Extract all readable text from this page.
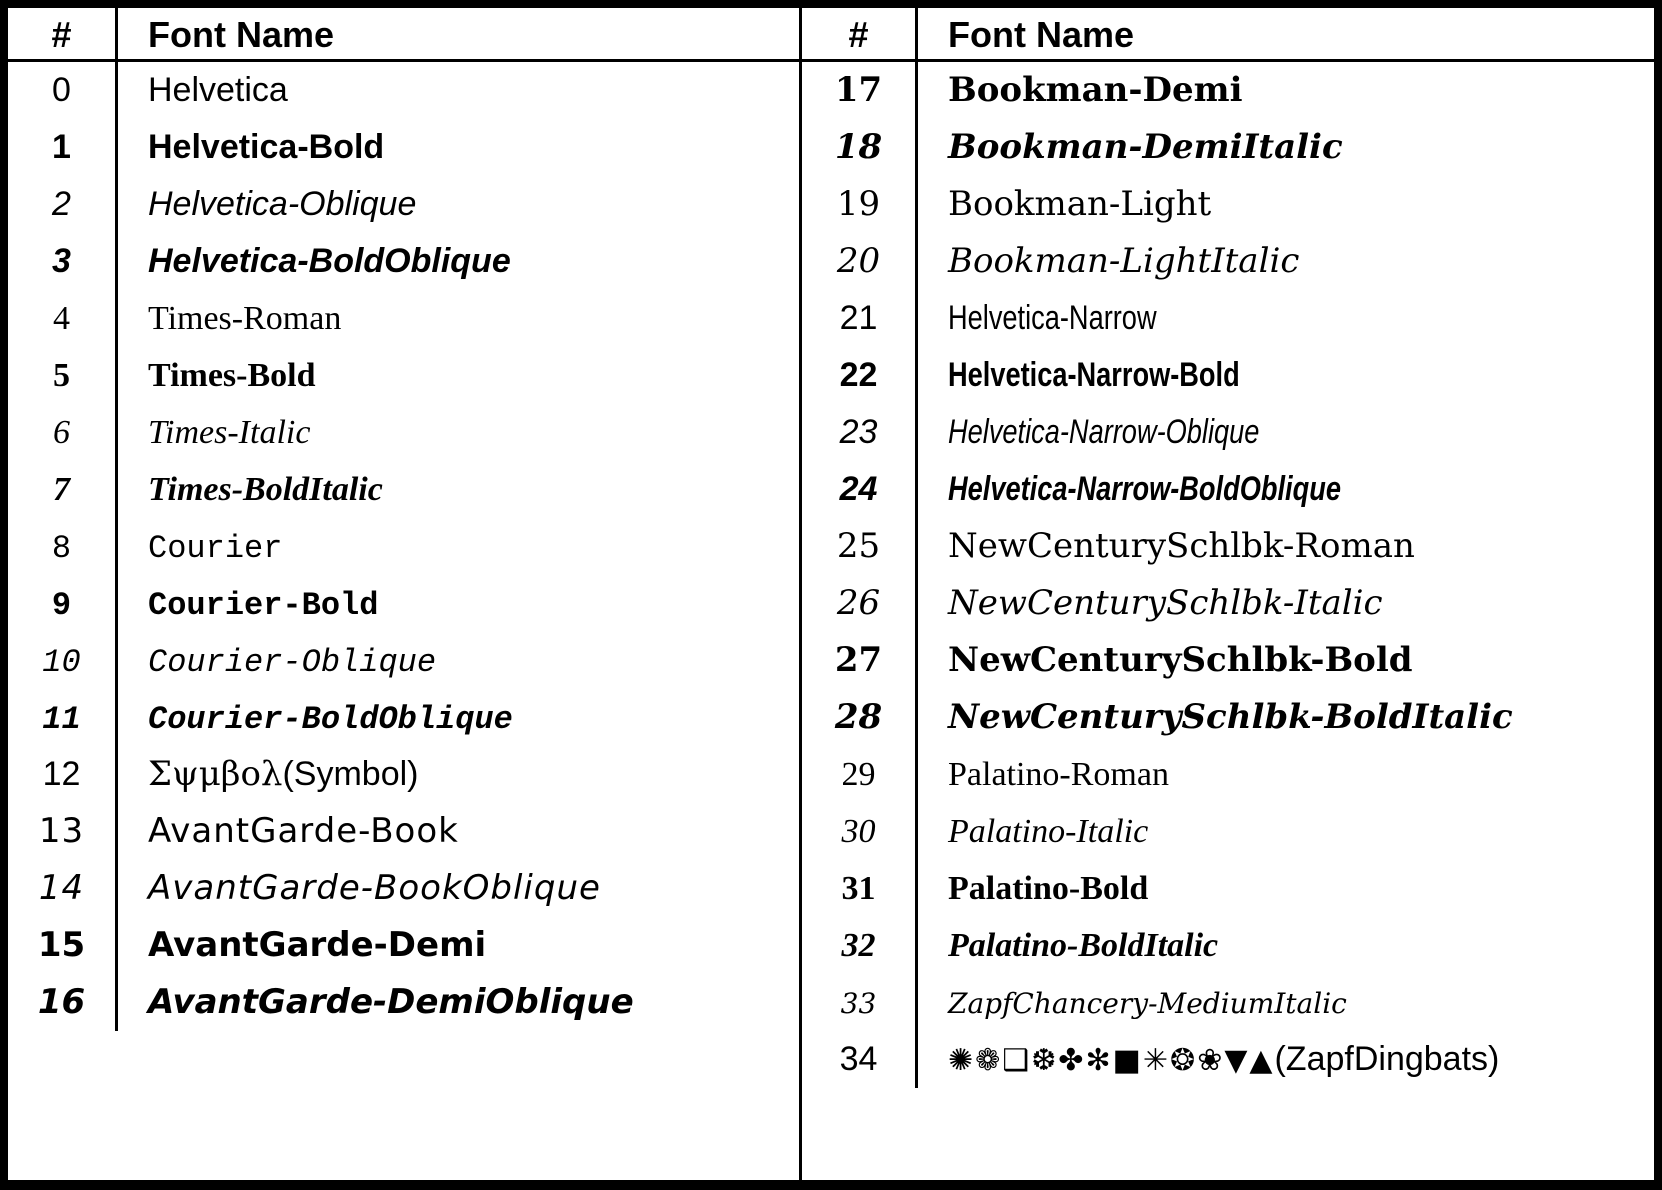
#	Font Name
0	Helvetica
1	Helvetica-Bold
2	Helvetica-Oblique
3	Helvetica-BoldOblique
4	Times-Roman
5	Times-Bold
6	Times-Italic
7	Times-BoldItalic
8	Courier
9	Courier-Bold
10	Courier-Oblique
11	Courier-BoldOblique
12	Σψμβολ(Symbol)
13	AvantGarde-Book
14	AvantGarde-BookOblique
15	AvantGarde-Demi
16	AvantGarde-DemiOblique
#	Font Name
17	Bookman-Demi
18	Bookman-DemiItalic
19	Bookman-Light
20	Bookman-LightItalic
21	Helvetica-Narrow
22	Helvetica-Narrow-Bold
23	Helvetica-Narrow-Oblique
24	Helvetica-Narrow-BoldOblique
25	NewCenturySchlbk-Roman
26	NewCenturySchlbk-Italic
27	NewCenturySchlbk-Bold
28	NewCenturySchlbk-BoldItalic
29	Palatino-Roman
30	Palatino-Italic
31	Palatino-Bold
32	Palatino-BoldItalic
33	ZapfChancery-MediumItalic
34	✺❁❑❆✤✻■✳❂❀▼▲(ZapfDingbats)
